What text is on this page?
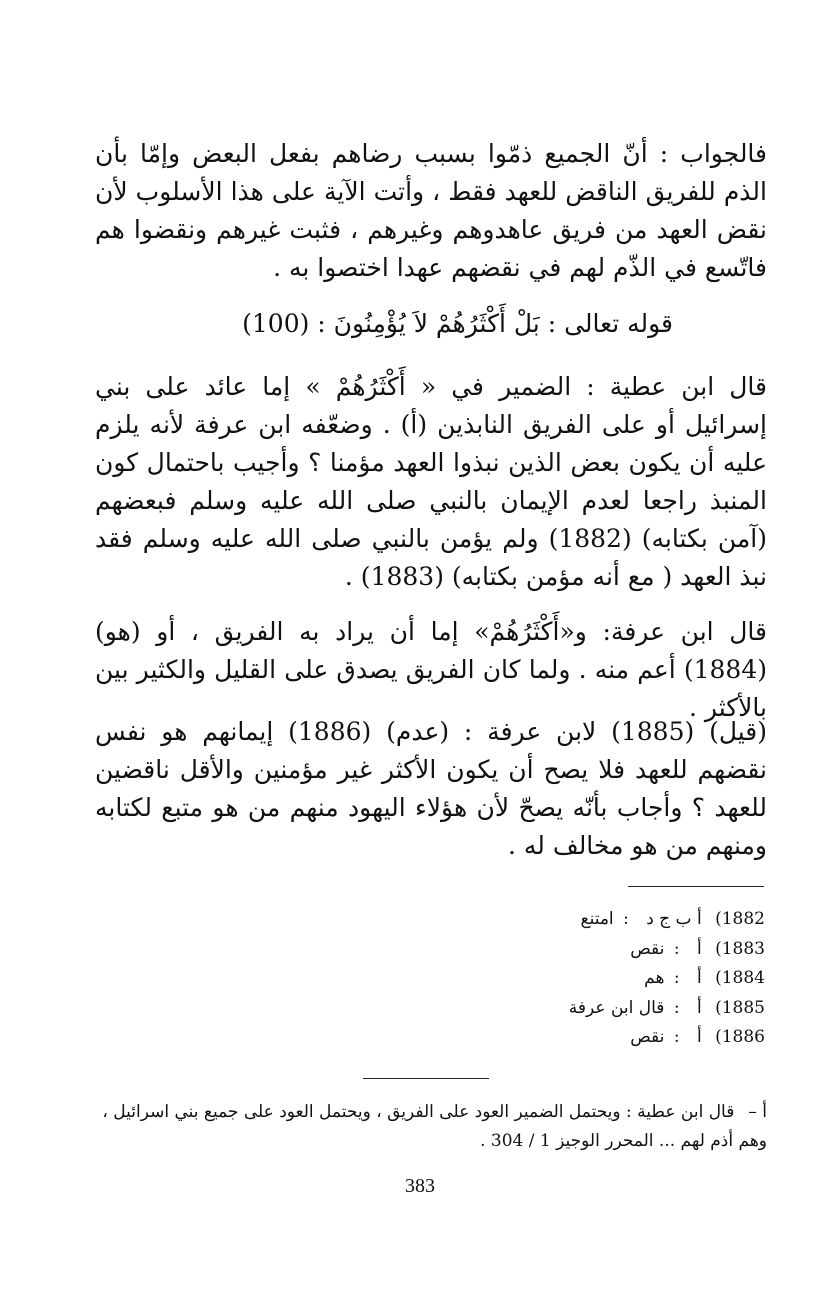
فالجواب : أنّ الجميع ذمّوا بسبب رضاهم بفعل البعض وإمّا بأن الذم للفريق الناقض للعهد فقط ، وأتت الآية على هذا الأسلوب لأن نقض العهد من فريق عاهدوهم وغيرهم ، فثبت غيرهم ونقضوا هم فاتّسع في الذّم لهم في نقضهم عهدا اختصوا به .

قوله تعالى : بَلْ أَكْثَرُهُمْ لاَ يُؤْمِنُونَ : (100)

قال ابن عطية : الضمير في « أَكْثَرُهُمْ » إما عائد على بني إسرائيل أو على الفريق النابذين (أ) . وضعّفه ابن عرفة لأنه يلزم عليه أن يكون بعض الذين نبذوا العهد مؤمنا ؟ وأجيب باحتمال كون المنبذ راجعا لعدم الإيمان بالنبي صلى الله عليه وسلم فبعضهم (آمن بكتابه) (1882) ولم يؤمن بالنبي صلى الله عليه وسلم فقد نبذ العهد ( مع أنه مؤمن بكتابه) (1883) .

قال ابن عرفة: و«أَكْثَرُهُمْ» إما أن يراد به الفريق ، أو (هو) (1884) أعم منه . ولما كان الفريق يصدق على القليل والكثير بين بالأكثر .

(قيل) (1885) لابن عرفة : (عدم) (1886) إيمانهم هو نفس نقضهم للعهد فلا يصح أن يكون الأكثر غير مؤمنين والأقل ناقضين للعهد ؟ وأجاب بأنّه يصحّ لأن هؤلاء اليهود منهم من هو متبع لكتابه ومنهم من هو مخالف له .

1882) أ ب ج د : امتنع
1883) أ : نقص
1884) أ : هم
1885) أ : قال ابن عرفة
1886) أ : نقص

أ –قال ابن عطية : ويحتمل الضمير العود على الفريق ، ويحتمل العود على جميع بني اسرائيل ، وهم أذم لهم ... المحرر الوجيز 1 / 304 .

383
